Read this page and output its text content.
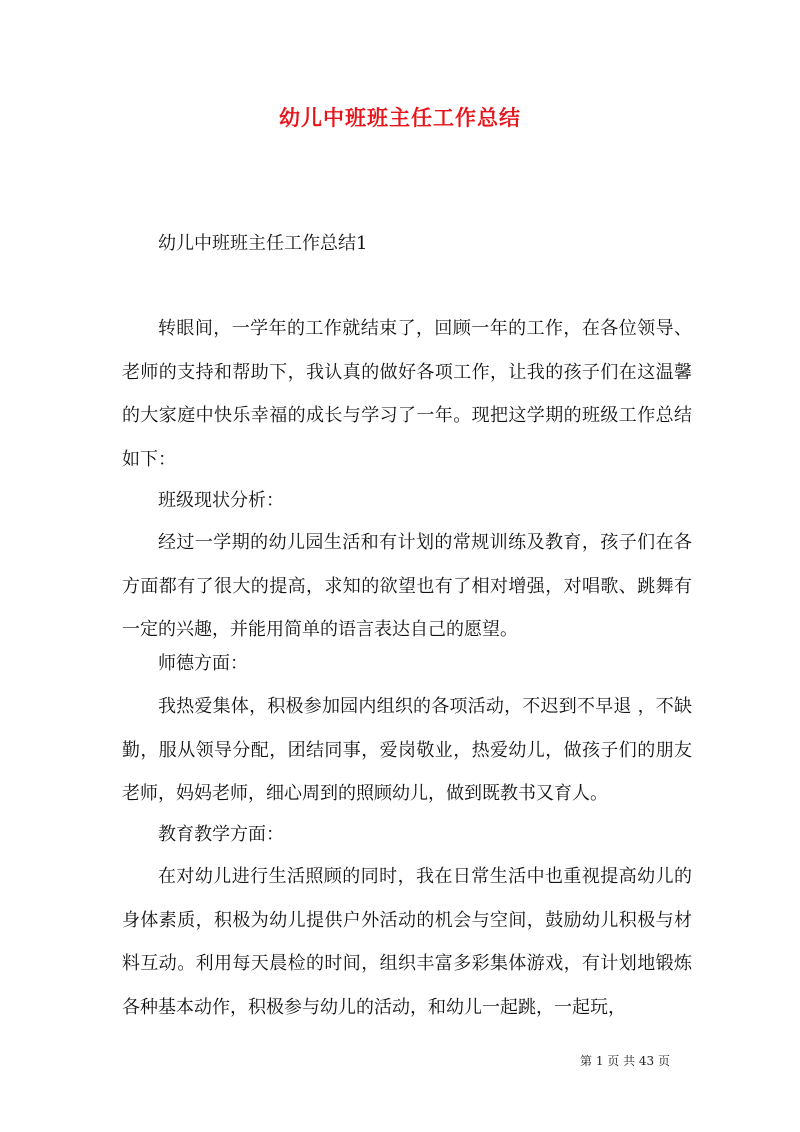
幼儿中班班主任工作总结
幼儿中班班主任工作总结1
转眼间，一学年的工作就结束了，回顾一年的工作，在各位领导、老师的支持和帮助下，我认真的做好各项工作，让我的孩子们在这温馨的大家庭中快乐幸福的成长与学习了一年。现把这学期的班级工作总结如下：
班级现状分析：
经过一学期的幼儿园生活和有计划的常规训练及教育，孩子们在各方面都有了很大的提高，求知的欲望也有了相对增强，对唱歌、跳舞有一定的兴趣，并能用简单的语言表达自己的愿望。
师德方面：
我热爱集体，积极参加园内组织的各项活动，不迟到不早退 ，不缺勤，服从领导分配，团结同事，爱岗敬业，热爱幼儿，做孩子们的朋友老师，妈妈老师，细心周到的照顾幼儿，做到既教书又育人。
教育教学方面：
在对幼儿进行生活照顾的同时，我在日常生活中也重视提高幼儿的身体素质，积极为幼儿提供户外活动的机会与空间，鼓励幼儿积极与材料互动。利用每天晨检的时间，组织丰富多彩集体游戏，有计划地锻炼各种基本动作，积极参与幼儿的活动，和幼儿一起跳，一起玩，
第 1 页 共 43 页
